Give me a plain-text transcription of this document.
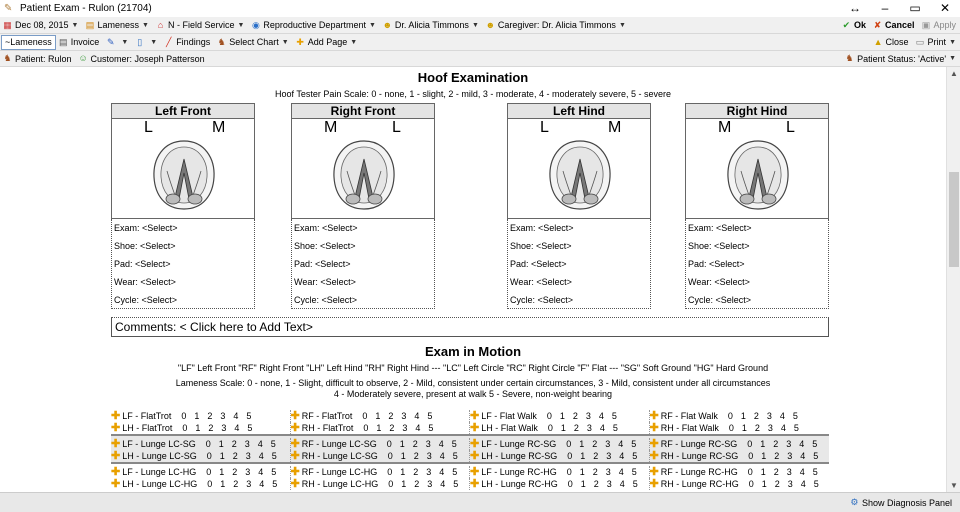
✎ Patient Exam - Rulon (21704)	↔	–	▭	✕
▦ Dec 08, 2015 ▼ ▤ Lameness ▼ ⌂ N - Field Service ▼ ◉ Reproductive Department ▼ ☻ Dr. Alicia Timmons ▼ ☻ Caregiver:
Dr. Alicia Timmons ▼	✔ Ok ✘ Cancel ▣ Apply
~Lameness ▤ Invoice ✎ ▼	▯	▼ ╱ Findings ♞ Select Chart ▼ ✚ Add Page ▼	▲ Close ▭ Print ▼
♞ Patient: Rulon ☺ Customer: Joseph Patterson	♞ Patient Status: 'Active' ▼
Hoof Examination
Hoof Tester Pain Scale: 0 - none, 1 - slight, 2 - mild, 3 - moderate, 4 - moderately severe, 5 - severe
Left Front
L	M
Exam: <Select>
Shoe: <Select>
Pad: <Select>
Wear: <Select>
Cycle: <Select>
Right Front
M	L
Exam: <Select>
Shoe: <Select>
Pad: <Select>
Wear: <Select>
Cycle: <Select>
Left Hind
L	M
Exam: <Select>
Shoe: <Select>
Pad: <Select>
Wear: <Select>
Cycle: <Select>
Right Hind
M	L
Exam: <Select>
Shoe: <Select>
Pad: <Select>
Wear: <Select>
Cycle: <Select>
Comments: < Click here to Add Text>
Exam in Motion
"LF" Left Front "RF" Right Front "LH" Left Hind "RH" Right Hind --- "LC" Left Circle "RC" Right Circle "F" Flat --- "SG" Soft Ground "HG" Hard Ground
Lameness Scale: 0 - none, 1 - Slight, difficult to observe, 2 - Mild, consistent under certain circumstances, 3 - Mild, consistent under all circumstances
4 - Moderately severe, present at walk 5 - Severe, non-weight bearing
✚ LF - FlatTrot	0 1 2 3 4 5	✚ RF - FlatTrot	0 1 2 3 4 5	✚ LF - Flat Walk	0 1 2 3 4 5	✚ RF - Flat Walk	0 1 2 3 4 5
✚ LH - FlatTrot	0 1 2 3 4 5	✚ RH - FlatTrot	0 1 2 3 4 5	✚ LH - Flat Walk	0 1 2 3 4 5	✚ RH - Flat Walk	0 1 2 3 4 5
✚ LF - Lunge LC-SG	0 1 2 3 4 5	✚ RF - Lunge LC-SG	0 1 2 3 4 5	✚ LF - Lunge RC-SG	0 1 2 3 4 5	✚ RF - Lunge RC-SG	0 1 2 3 4 5
✚ LH - Lunge LC-SG	0 1 2 3 4 5	✚ RH - Lunge LC-SG	0 1 2 3 4 5	✚ LH - Lunge RC-SG	0 1 2 3 4 5	✚ RH - Lunge RC-SG	0 1 2 3 4 5
✚ LF - Lunge LC-HG	0 1 2 3 4 5	✚ RF - Lunge LC-HG	0 1 2 3 4 5	✚ LF - Lunge RC-HG	0 1 2 3 4 5	✚ RF - Lunge RC-HG	0 1 2 3 4 5
✚ LH - Lunge LC-HG	0 1 2 3 4 5	✚ RH - Lunge LC-HG	0 1 2 3 4 5	✚ LH - Lunge RC-HG	0 1 2 3 4 5	✚ RH - Lunge RC-HG	0 1 2 3 4 5
▲
▼
⚙ Show Diagnosis Panel
